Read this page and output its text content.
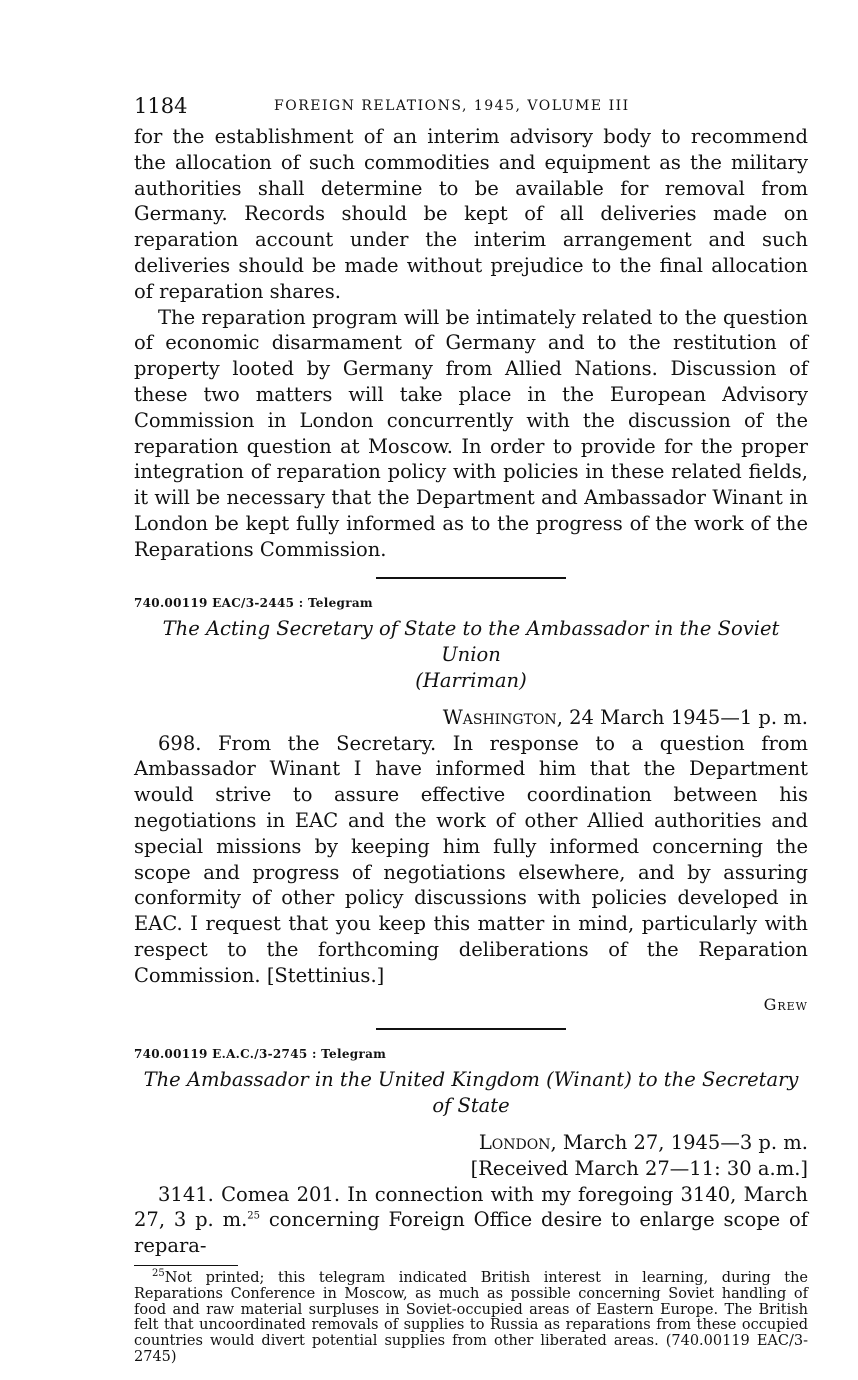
1184	FOREIGN RELATIONS, 1945, VOLUME III

for the establishment of an interim advisory body to recommend the allocation of such commodities and equipment as the military authorities shall determine to be available for removal from Germany. Records should be kept of all deliveries made on reparation account under the interim arrangement and such deliveries should be made without prejudice to the final allocation of reparation shares.

The reparation program will be intimately related to the question of economic disarmament of Germany and to the restitution of property looted by Germany from Allied Nations. Discussion of these two matters will take place in the European Advisory Commission in London concurrently with the discussion of the reparation question at Moscow. In order to provide for the proper integration of reparation policy with policies in these related fields, it will be necessary that the Department and Ambassador Winant in London be kept fully informed as to the progress of the work of the Reparations Commission.

740.00119 EAC/3-2445 : Telegram
The Acting Secretary of State to the Ambassador in the Soviet Union
(Harriman)
Washington, 24 March 1945—1 p. m.

698. From the Secretary. In response to a question from Ambassador Winant I have informed him that the Department would strive to assure effective coordination between his negotiations in EAC and the work of other Allied authorities and special missions by keeping him fully informed concerning the scope and progress of negotiations elsewhere, and by assuring conformity of other policy discussions with policies developed in EAC. I request that you keep this matter in mind, particularly with respect to the forthcoming deliberations of the Reparation Commission. [Stettinius.]

Grew
740.00119 E.A.C./3-2745 : Telegram
The Ambassador in the United Kingdom (Winant) to the Secretary
of State
London, March 27, 1945—3 p. m.
[Received March 27—11: 30 a.m.]

3141. Comea 201. In connection with my foregoing 3140, March 27, 3 p. m.$^{25}$ concerning Foreign Office desire to enlarge scope of repara-

$^{25}$Not printed; this telegram indicated British interest in learning, during the Reparations Conference in Moscow, as much as possible concerning Soviet handling of food and raw material surpluses in Soviet-occupied areas of Eastern Europe. The British felt that uncoordinated removals of supplies to Russia as reparations from these occupied countries would divert potential supplies from other liberated areas. (740.00119 EAC/3-2745)
